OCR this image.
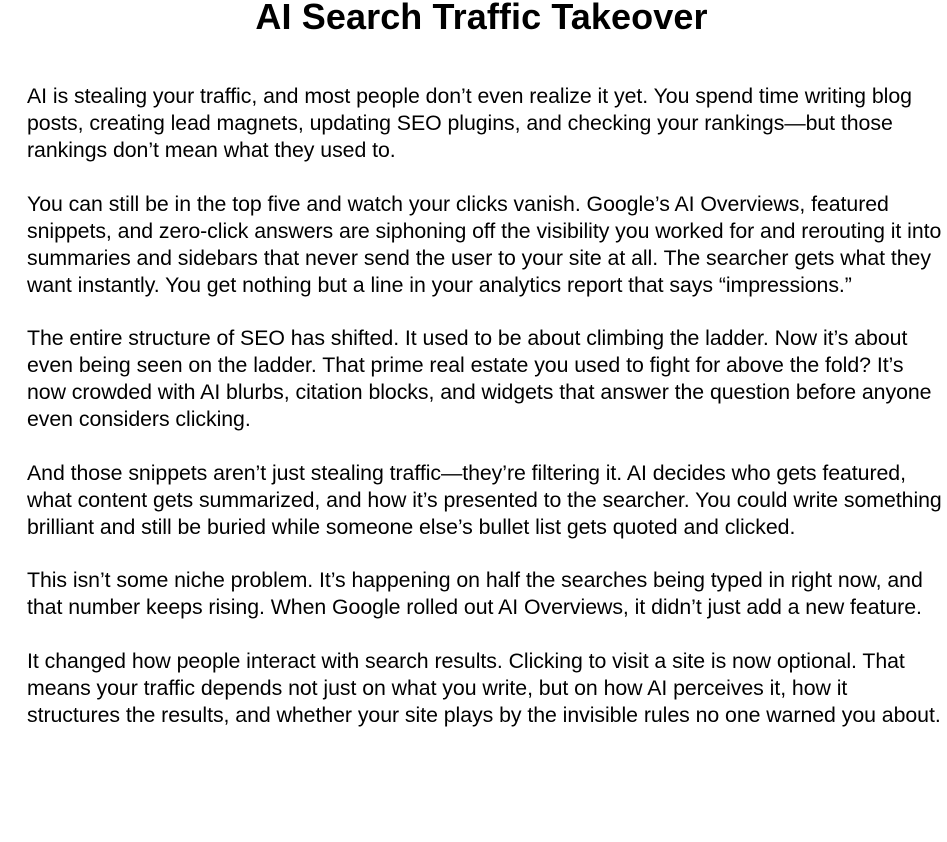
AI Search Traffic Takeover

AI is stealing your traffic, and most people don’t even realize it yet. You spend time writing blog posts, creating lead magnets, updating SEO plugins, and checking your rankings—but those rankings don’t mean what they used to.

You can still be in the top five and watch your clicks vanish. Google’s AI Overviews, featured snippets, and zero-click answers are siphoning off the visibility you worked for and rerouting it into summaries and sidebars that never send the user to your site at all. The searcher gets what they want instantly. You get nothing but a line in your analytics report that says “impressions.”

The entire structure of SEO has shifted. It used to be about climbing the ladder. Now it’s about even being seen on the ladder. That prime real estate you used to fight for above the fold? It’s now crowded with AI blurbs, citation blocks, and widgets that answer the question before anyone even considers clicking.

And those snippets aren’t just stealing traffic—they’re filtering it. AI decides who gets featured, what content gets summarized, and how it’s presented to the searcher. You could write something brilliant and still be buried while someone else’s bullet list gets quoted and clicked.

This isn’t some niche problem. It’s happening on half the searches being typed in right now, and that number keeps rising. When Google rolled out AI Overviews, it didn’t just add a new feature.

It changed how people interact with search results. Clicking to visit a site is now optional. That means your traffic depends not just on what you write, but on how AI perceives it, how it structures the results, and whether your site plays by the invisible rules no one warned you about.
